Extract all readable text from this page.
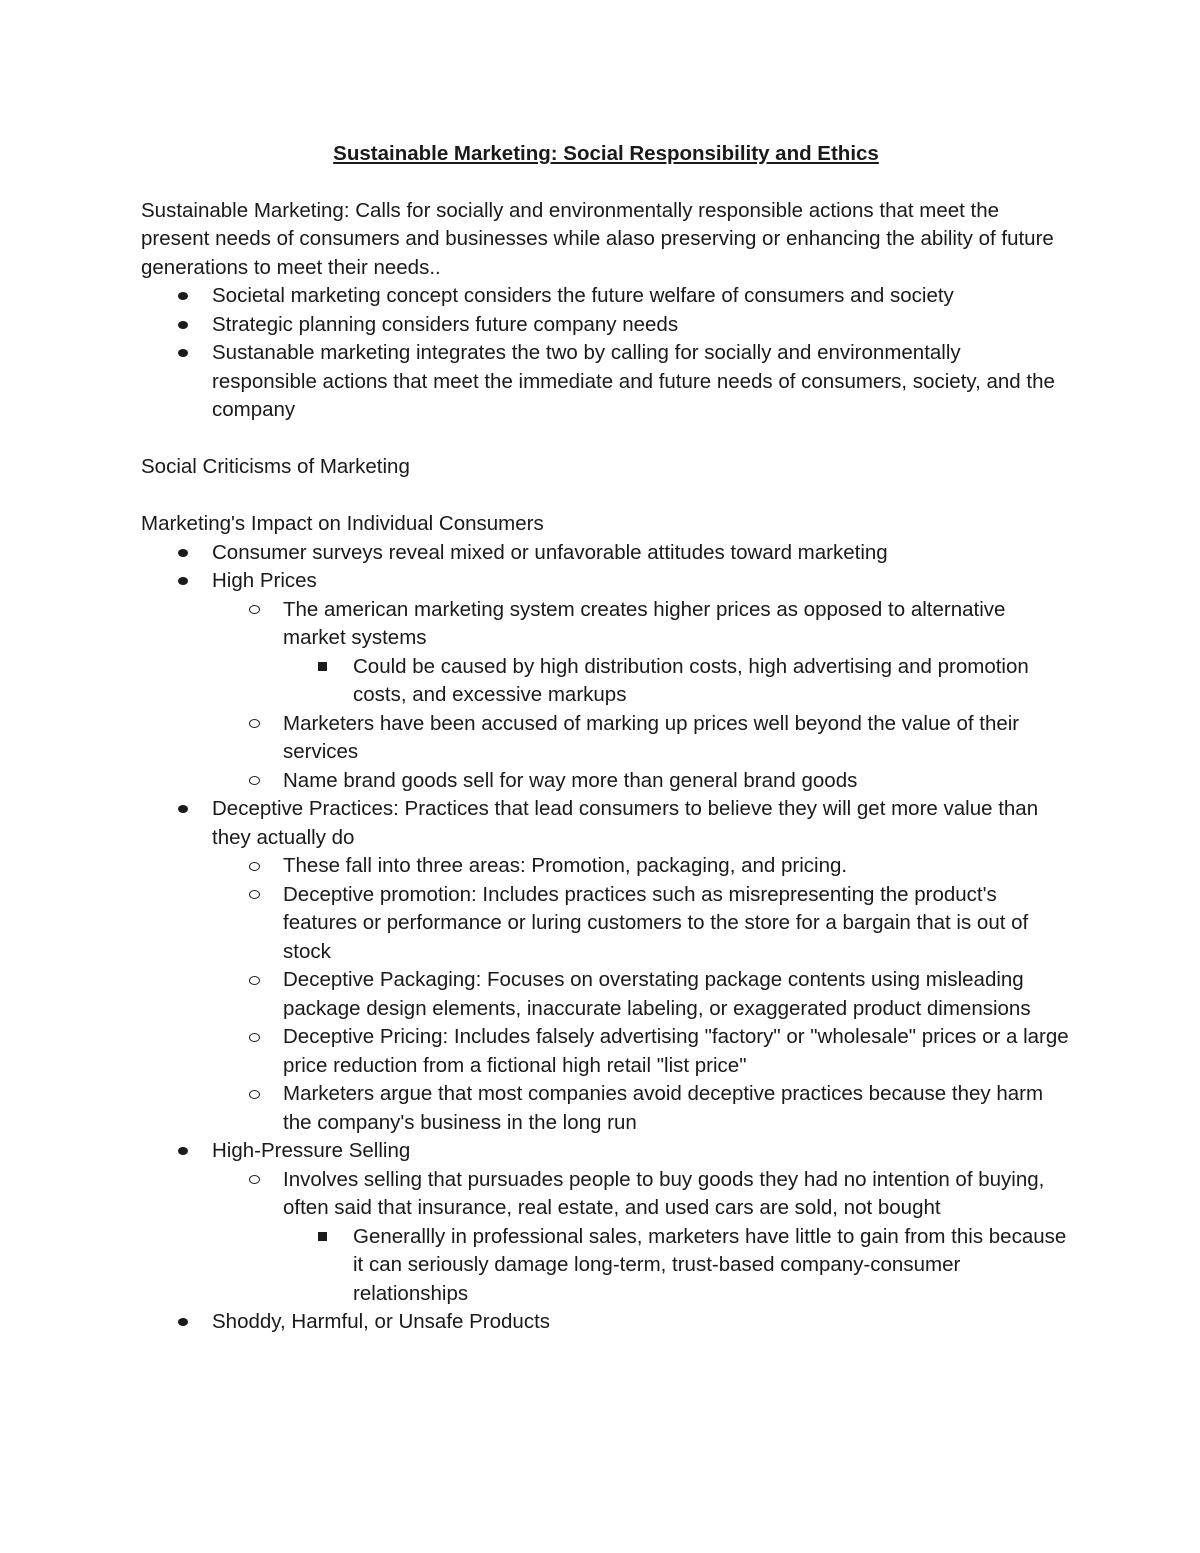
Sustainable Marketing: Social Responsibility and Ethics

Sustainable Marketing: Calls for socially and environmentally responsible actions that meet the present needs of consumers and businesses while alaso preserving or enhancing the ability of future generations to meet their needs..

Societal marketing concept considers the future welfare of consumers and society
Strategic planning considers future company needs
Sustanable marketing integrates the two by calling for socially and environmentally responsible actions that meet the immediate and future needs of consumers, society, and the company

Social Criticisms of Marketing

Marketing's Impact on Individual Consumers

Consumer surveys reveal mixed or unfavorable attitudes toward marketing
High Prices
The american marketing system creates higher prices as opposed to alternative market systems
Could be caused by high distribution costs, high advertising and promotion costs, and excessive markups
Marketers have been accused of marking up prices well beyond the value of their services
Name brand goods sell for way more than general brand goods
Deceptive Practices: Practices that lead consumers to believe they will get more value than they actually do
These fall into three areas: Promotion, packaging, and pricing.
Deceptive promotion: Includes practices such as misrepresenting the product's features or performance or luring customers to the store for a bargain that is out of stock
Deceptive Packaging: Focuses on overstating package contents using misleading package design elements, inaccurate labeling, or exaggerated product dimensions
Deceptive Pricing: Includes falsely advertising "factory" or "wholesale" prices or a large price reduction from a fictional high retail "list price"
Marketers argue that most companies avoid deceptive practices because they harm the company's business in the long run
High-Pressure Selling
Involves selling that pursuades people to buy goods they had no intention of buying, often said that insurance, real estate, and used cars are sold, not bought
Generallly in professional sales, marketers have little to gain from this because it can seriously damage long-term, trust-based company-consumer relationships
Shoddy, Harmful, or Unsafe Products
